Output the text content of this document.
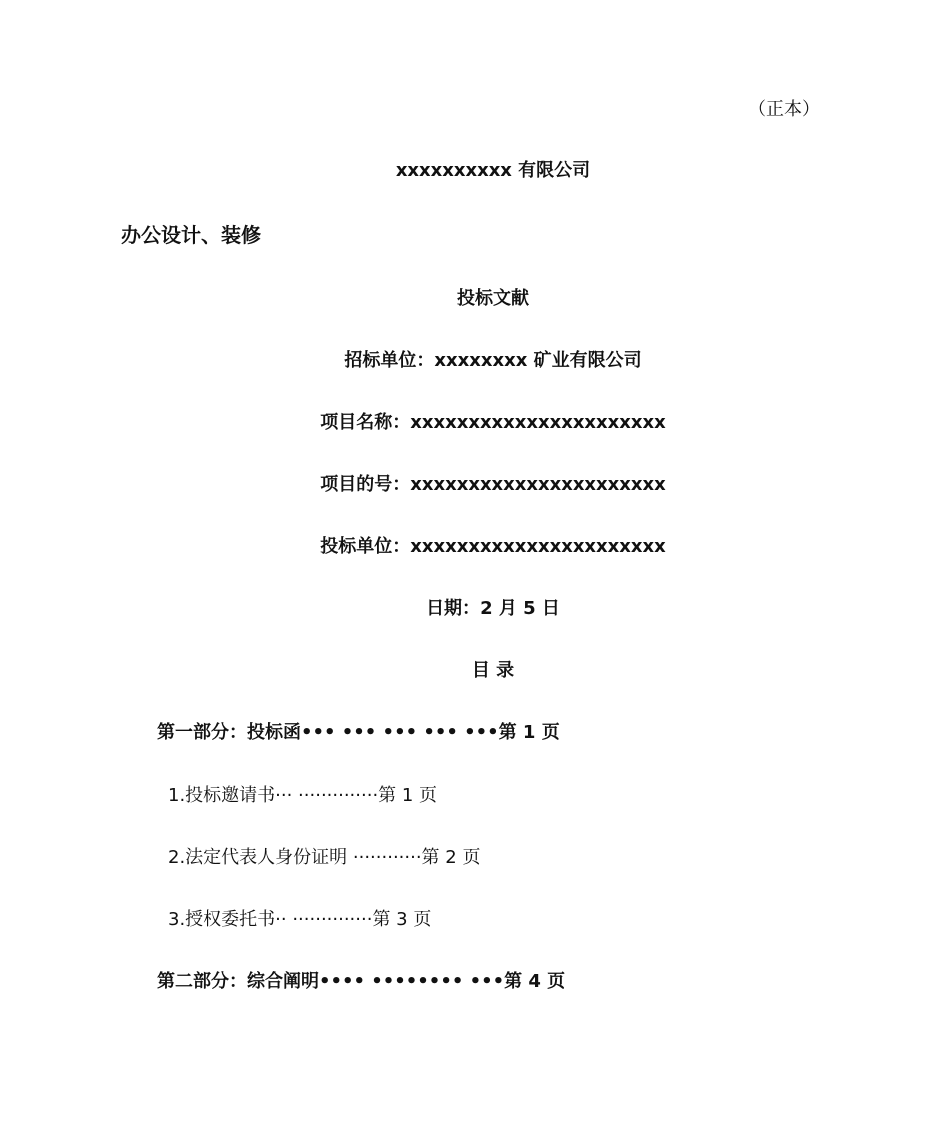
（正本）
xxxxxxxxxx 有限公司
办公设计、装修
投标文献
招标单位：xxxxxxxx 矿业有限公司
项目名称：xxxxxxxxxxxxxxxxxxxxxx
项目的号：xxxxxxxxxxxxxxxxxxxxxx
投标单位：xxxxxxxxxxxxxxxxxxxxxx
日期：2 月 5 日
目 录
第一部分：投标函••• ••• ••• ••• •••第 1 页
1.投标邀请书··· ··············第 1 页
2.法定代表人身份证明 ············第 2 页
3.授权委托书·· ··············第 3 页
第二部分：综合阐明•••• •••••••• •••第 4 页
